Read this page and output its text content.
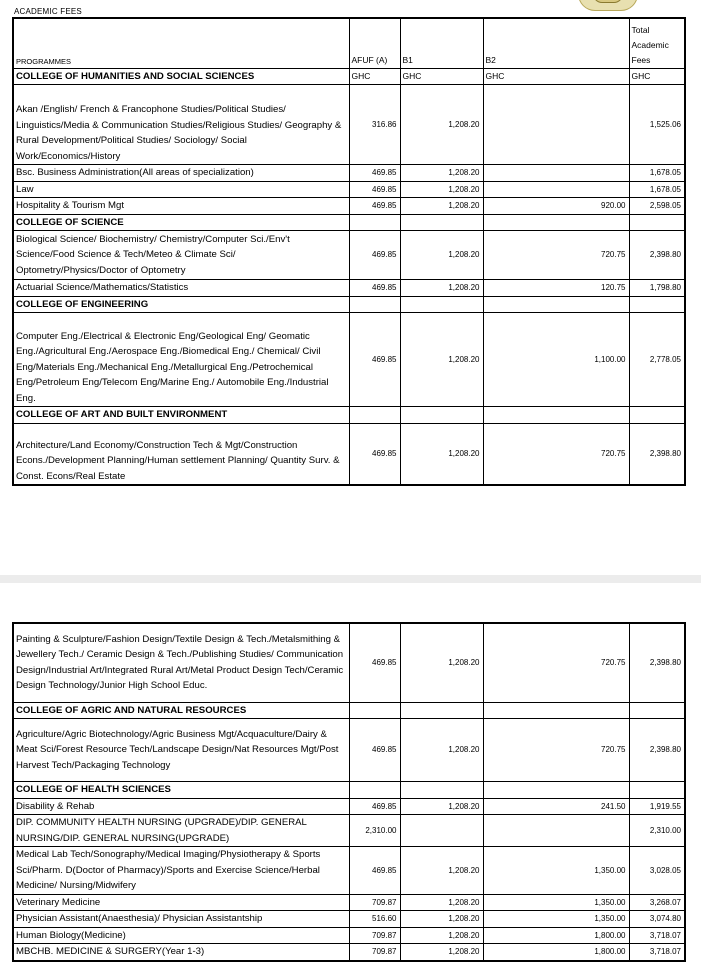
ACADEMIC FEES
PROGRAMMES	AFUF (A)	B1	B2	Total Academic Fees
COLLEGE OF HUMANITIES AND SOCIAL SCIENCES	GHC	GHC	GHC	GHC
Akan /English/ French & Francophone Studies/Political Studies/ Linguistics/Media & Communication Studies/Religious Studies/ Geography & Rural Development/Political Studies/ Sociology/ Social Work/Economics/History	316.86	1,208.20		1,525.06
Bsc. Business Administration(All areas of specialization)	469.85	1,208.20		1,678.05
Law	469.85	1,208.20		1,678.05
Hospitality & Tourism Mgt	469.85	1,208.20	920.00	2,598.05
COLLEGE OF SCIENCE				
Biological Science/ Biochemistry/ Chemistry/Computer Sci./Env't Science/Food Science & Tech/Meteo & Climate Sci/ Optometry/Physics/Doctor of Optometry	469.85	1,208.20	720.75	2,398.80
Actuarial Science/Mathematics/Statistics	469.85	1,208.20	120.75	1,798.80
COLLEGE OF ENGINEERING				
Computer Eng./Electrical & Electronic Eng/Geological Eng/ Geomatic Eng./Agricultural Eng./Aerospace Eng./Biomedical Eng./ Chemical/ Civil Eng/Materials Eng./Mechanical Eng./Metallurgical Eng./Petrochemical Eng/Petroleum Eng/Telecom Eng/Marine Eng./ Automobile Eng./Industrial Eng.	469.85	1,208.20	1,100.00	2,778.05
COLLEGE OF ART AND BUILT ENVIRONMENT				
Architecture/Land Economy/Construction Tech & Mgt/Construction Econs./Development Planning/Human settlement Planning/ Quantity Surv. & Const. Econs/Real Estate	469.85	1,208.20	720.75	2,398.80
Painting & Sculpture/Fashion Design/Textile Design & Tech./Metalsmithing & Jewellery Tech./ Ceramic Design & Tech./Publishing Studies/ Communication Design/Industrial Art/Integrated Rural Art/Metal Product Design Tech/Ceramic Design Technology/Junior High School Educ.	469.85	1,208.20	720.75	2,398.80
COLLEGE OF AGRIC AND NATURAL RESOURCES				
Agriculture/Agric Biotechnology/Agric Business Mgt/Acquaculture/Dairy & Meat Sci/Forest Resource Tech/Landscape Design/Nat Resources Mgt/Post Harvest Tech/Packaging Technology	469.85	1,208.20	720.75	2,398.80
COLLEGE OF HEALTH SCIENCES				
Disability & Rehab	469.85	1,208.20	241.50	1,919.55
DIP. COMMUNITY HEALTH NURSING (UPGRADE)/DIP. GENERAL NURSING/DIP. GENERAL NURSING(UPGRADE)	2,310.00			2,310.00
Medical Lab Tech/Sonography/Medical Imaging/Physiotherapy & Sports Sci/Pharm. D(Doctor of Pharmacy)/Sports and Exercise Science/Herbal Medicine/ Nursing/Midwifery	469.85	1,208.20	1,350.00	3,028.05
Veterinary Medicine	709.87	1,208.20	1,350.00	3,268.07
Physician Assistant(Anaesthesia)/ Physician Assistantship	516.60	1,208.20	1,350.00	3,074.80
Human Biology(Medicine)	709.87	1,208.20	1,800.00	3,718.07
MBCHB. MEDICINE & SURGERY(Year 1-3)	709.87	1,208.20	1,800.00	3,718.07
